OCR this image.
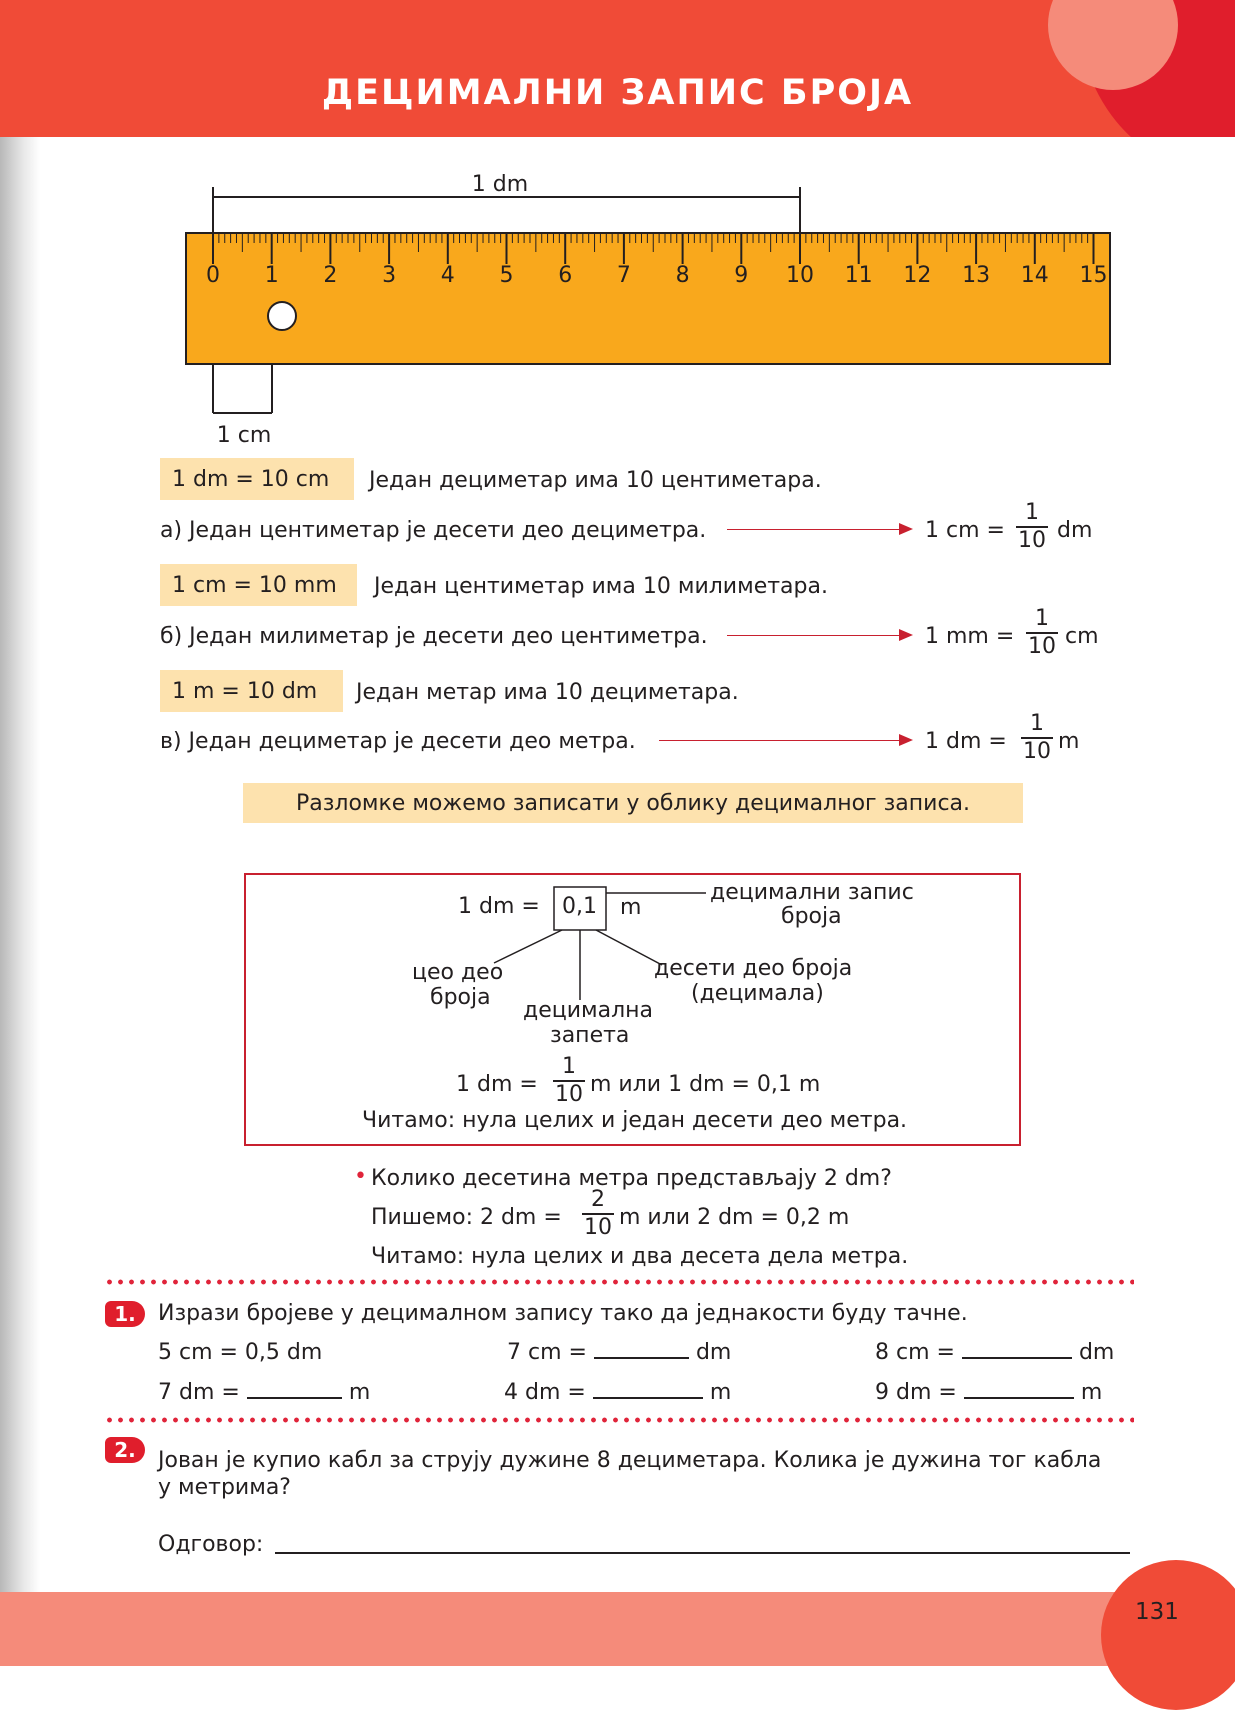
ДЕЦИМАЛНИ ЗАПИС БРОЈА
1 dm
0 1 2 3 4 5 6 7 8 9 10 11 12 13 14 15
1 cm
1 dm = 10 cm Један дециметар има 10 центиметара.
а) Један центиметар је десети део дециметра.	1 cm = $\frac{1}{10}$ dm
1 cm = 10 mm Један центиметар има 10 милиметара.
б) Један милиметар је десети део центиметра.	1 mm = $\frac{1}{10}$ cm
1 m = 10 dm Један метар има 10 дециметара.
в) Један дециметар је десети део метра.	1 dm = $\frac{1}{10}$ m
Разломке можемо записати у облику децималног записа.
1 dm = 0,1 m
децимални запис
броја
цео део
броја
децимална
запета
десети део броја
(децимала)
1 dm = $\frac{1}{10}$ m или 1 dm = 0,1 m
Читамо: нула целих и један десети део метра.
• Колико десетина метра представљају 2 dm?
Пишемо: 2 dm = $\frac{2}{10}$ m или 2 dm = 0,2 m
Читамо: нула целих и два десета дела метра.
1.	Изрази бројеве у децималном запису тако да једнакости буду тачне.
5 cm = 0,5 dm	7 cm =	dm	8 cm =	dm
7 dm =	m	4 dm =	m	9 dm =	m
2.	Јован је купио кабл за струју дужине 8 дециметара. Колика је дужина тог кабла
у метрима?
Одговор:
131
